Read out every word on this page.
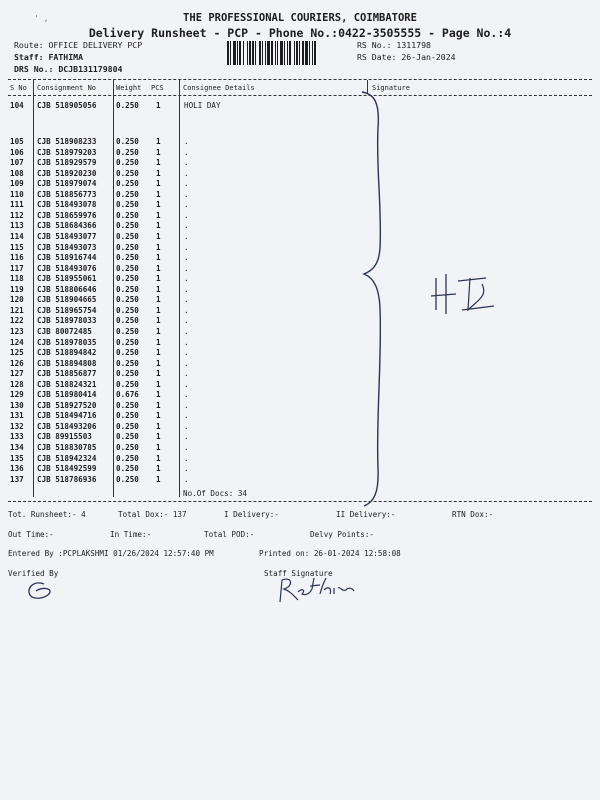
' ,	THE PROFESSIONAL COURIERS, COIMBATORE
Delivery Runsheet - PCP - Phone No.:0422-3505555 - Page No.:4
Route: OFFICE DELIVERY PCP
Staff: FATHIMA
DRS No.: DCJB131179804
RS No.: 1311798
RS Date: 26-Jan-2024
S No Consignment No	Weight PCS	Consignee Details	Signature
104 CJB 518905056	0.250 1	HOLI DAY
105 CJB 518908233	0.250 1	.
106 CJB 518979203	0.250 1	.
107 CJB 518929579	0.250 1	.
108 CJB 518920230	0.250 1	.
109 CJB 518979074	0.250 1	.
110 CJB 518856773	0.250 1	.
111 CJB 518493078	0.250 1	.
112 CJB 518659976	0.250 1	.
113 CJB 518684366	0.250 1	.
114 CJB 518493077	0.250 1	.
115 CJB 518493073	0.250 1	.
116 CJB 518916744	0.250 1	.
117 CJB 518493076	0.250 1	.
118 CJB 518955061	0.250 1	.
119 CJB 518806646	0.250 1	.
120 CJB 518904665	0.250 1	.
121 CJB 518965754	0.250 1	.
122 CJB 518978033	0.250 1	.
123 CJB 80072485	0.250 1	.
124 CJB 518978035	0.250 1	.
125 CJB 518894842	0.250 1	.
126 CJB 518894808	0.250 1	.
127 CJB 518856877	0.250 1	.
128 CJB 518824321	0.250 1	.
129 CJB 518980414	0.676 1	.
130 CJB 518927520	0.250 1	.
131 CJB 518494716	0.250 1	.
132 CJB 518493206	0.250 1	.
133 CJB 89915503	0.250 1	.
134 CJB 518830785	0.250 1	.
135 CJB 518942324	0.250 1	.
136 CJB 518492599	0.250 1	.
137 CJB 518786936	0.250 1	.
No.Of Docs: 34
Tot. Runsheet:- 4	Total Dox:- 137	I Delivery:-	II Delivery:-	RTN Dox:-
Out Time:-	In Time:-	Total POD:-	Delvy Points:-
Entered By :PCPLAKSHMI 01/26/2024 12:57:40 PM	Printed on: 26-01-2024 12:58:08
Verified By	Staff Signature
